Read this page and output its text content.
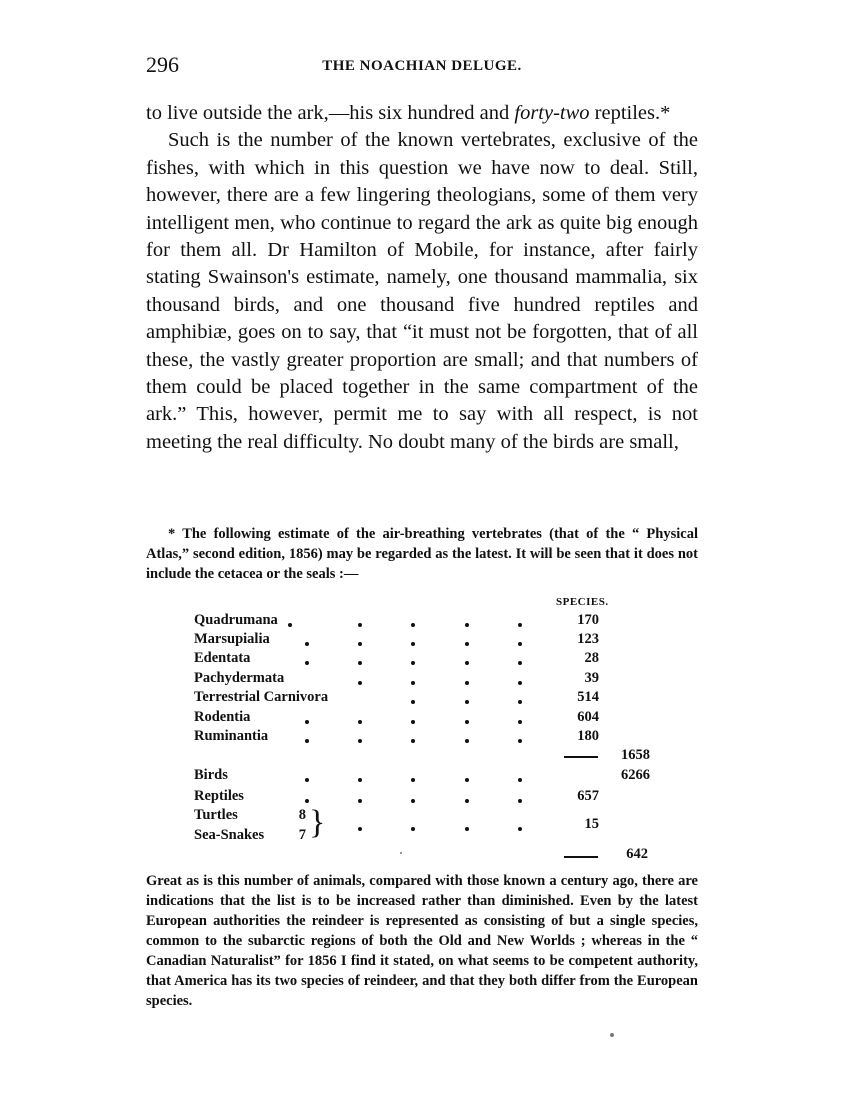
296	THE NOACHIAN DELUGE.

to live outside the ark,—his six hundred and forty-two reptiles.*

Such is the number of the known vertebrates, exclusive of the fishes, with which in this question we have now to deal. Still, however, there are a few lingering theologians, some of them very intelligent men, who continue to regard the ark as quite big enough for them all. Dr Hamilton of Mobile, for instance, after fairly stating Swainson's estimate, namely, one thousand mammalia, six thousand birds, and one thousand five hundred reptiles and amphibiæ, goes on to say, that “it must not be forgotten, that of all these, the vastly greater proportion are small; and that numbers of them could be placed together in the same compartment of the ark.” This, however, permit me to say with all respect, is not meeting the real difficulty. No doubt many of the birds are small,

* The following estimate of the air-breathing vertebrates (that of the “ Physical Atlas,” second edition, 1856) may be regarded as the latest. It will be seen that it does not include the cetacea or the seals :—

SPECIES.
Quadrumana	170
Marsupialia	123
Edentata	28
Pachydermata	39
Terrestrial Carnivora	514
Rodentia	604
Ruminantia	180
1658
Birds	6266
Reptiles	657
Turtles	8
Sea-Snakes	7 }	15
642

Great as is this number of animals, compared with those known a century ago, there are indications that the list is to be increased rather than diminished. Even by the latest European authorities the reindeer is represented as consisting of but a single species, common to the subarctic regions of both the Old and New Worlds ; whereas in the “ Canadian Naturalist” for 1856 I find it stated, on what seems to be competent authority, that America has its two species of reindeer, and that they both differ from the European species.
